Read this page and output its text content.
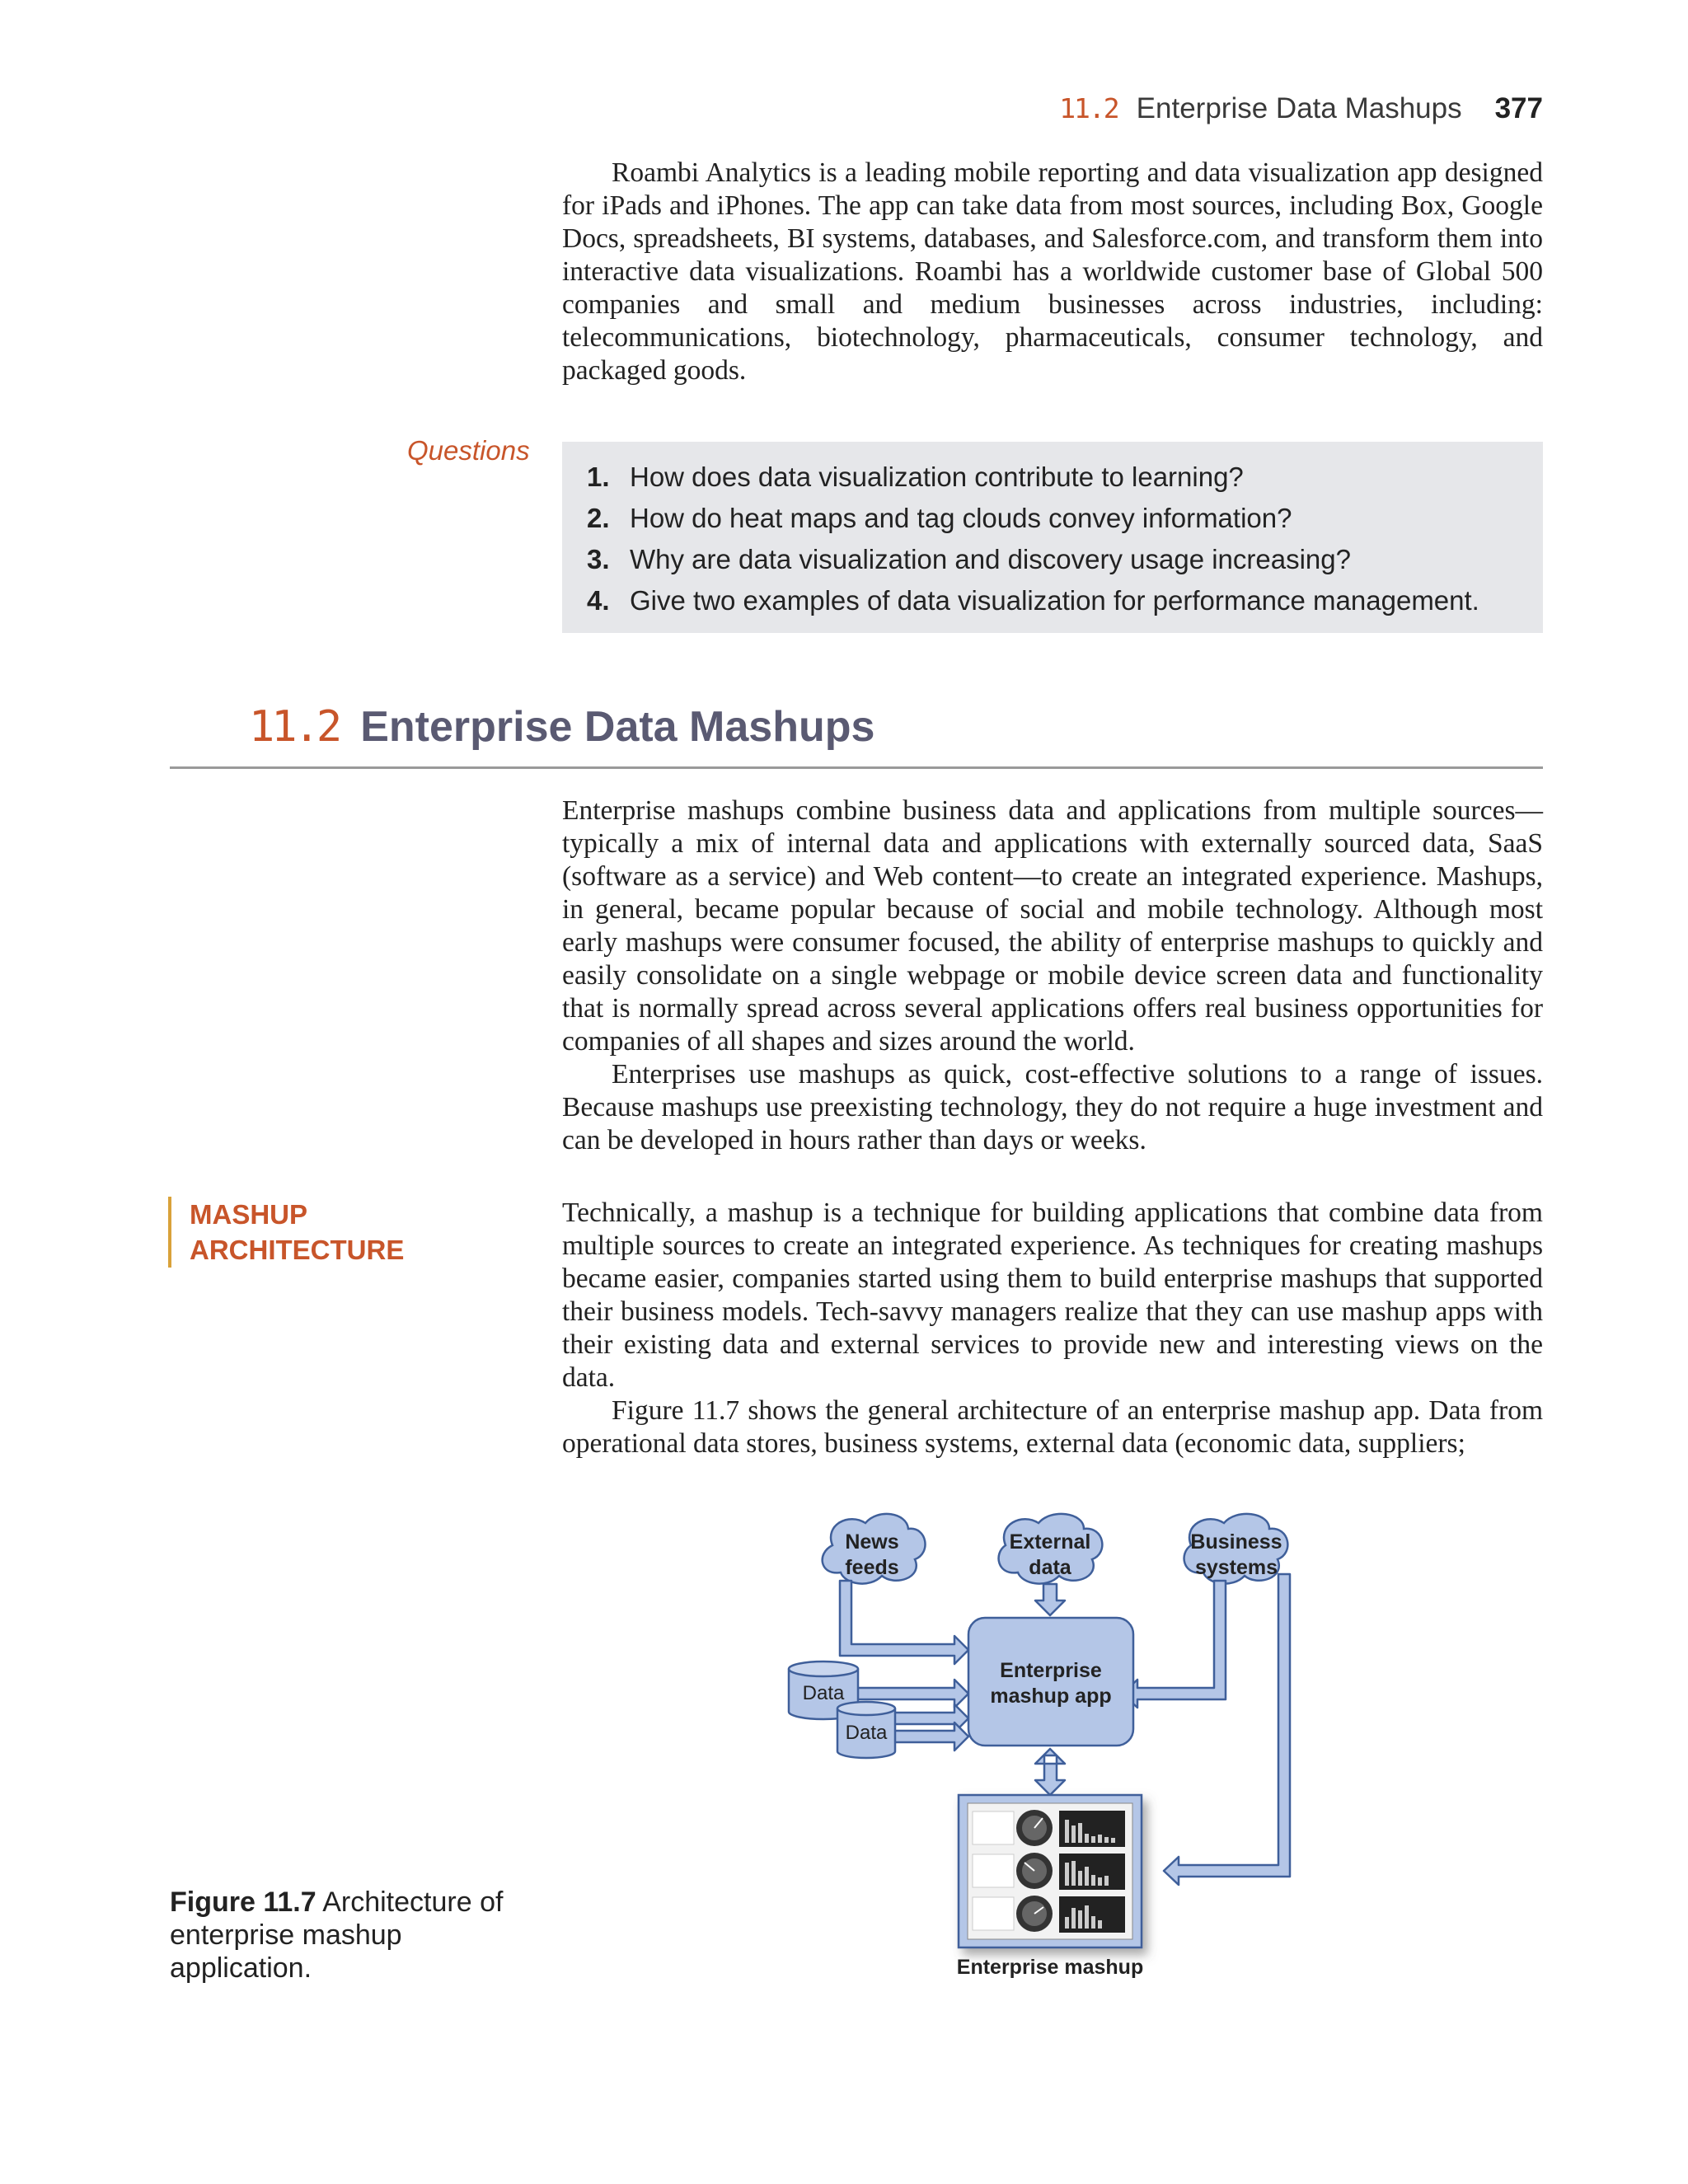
11.2 Enterprise Data Mashups 377

Roambi Analytics is a leading mobile reporting and data visualization app designed for iPads and iPhones. The app can take data from most sources, including Box, Google Docs, spreadsheets, BI systems, databases, and Salesforce.com, and transform them into interactive data visualizations. Roambi has a worldwide customer base of Global 500 companies and small and medium businesses across industries, including: telecommunications, biotechnology, pharmaceuticals, consumer technology, and packaged goods.

Questions
1. How does data visualization contribute to learning?
2. How do heat maps and tag clouds convey information?
3. Why are data visualization and discovery usage increasing?
4. Give two examples of data visualization for performance management.
11.2 Enterprise Data Mashups

Enterprise mashups combine business data and applications from multiple sources—typically a mix of internal data and applications with externally sourced data, SaaS (software as a service) and Web content—to create an integrated experience. Mashups, in general, became popular because of social and mobile technology. Although most early mashups were consumer focused, the ability of enterprise mashups to quickly and easily consolidate on a single webpage or mobile device screen data and functionality that is normally spread across several applications offers real business opportunities for companies of all shapes and sizes around the world.

Enterprises use mashups as quick, cost-effective solutions to a range of issues. Because mashups use preexisting technology, they do not require a huge investment and can be developed in hours rather than days or weeks.

MASHUP
ARCHITECTURE

Technically, a mashup is a technique for building applications that combine data from multiple sources to create an integrated experience. As techniques for creating mashups became easier, companies started using them to build enterprise mashups that supported their business models. Tech-savvy managers realize that they can use mashup apps with their existing data and external services to provide new and interesting views on the data.

Figure 11.7 shows the general architecture of an enterprise mashup app. Data from operational data stores, business systems, external data (economic data, suppliers;

News
feeds
External
data
Business
systems
Enterprise
mashup app
Data
Data
Enterprise mashup
Figure 11.7 Architecture of enterprise mashup application.
